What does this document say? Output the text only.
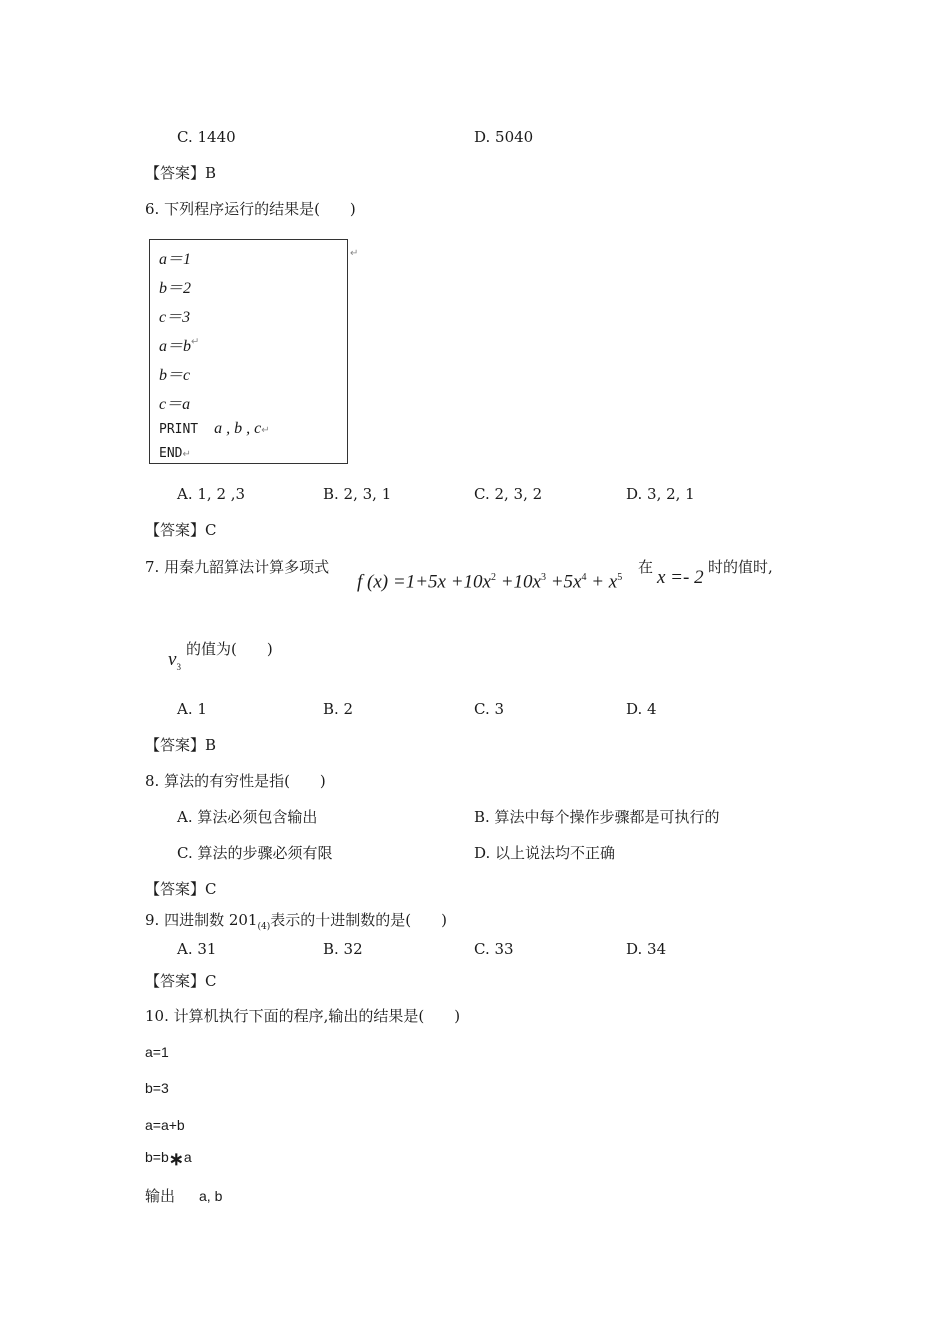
C. 1440	D. 5040
【答案】B
6. 下列程序运行的结果是(　　)
a＝1
b＝2
c＝3
a＝b↵
b＝c
c＝a
PRINT a , b , c↵
END↵
↵
A. 1, 2 ,3	B. 2, 3, 1	C. 2, 3, 2	D. 3, 2, 1
【答案】C
7. 用秦九韶算法计算多项式
f $(x) =1+5x +10x^2 +10x^3 +5x^4 + x^5$
在 x =- 2 时的值时,
$v_3$
的值为(　　)
A. 1	B. 2	C. 3	D. 4
【答案】B
8. 算法的有穷性是指(　　)
A. 算法必须包含输出	B. 算法中每个操作步骤都是可执行的
C. 算法的步骤必须有限	D. 以上说法均不正确
【答案】C
9. 四进制数 $201_{(4)}$表示的十进制数的是(　　)
A. 31	B. 32	C. 33	D. 34
【答案】C
10. 计算机执行下面的程序,输出的结果是(　　)
a=1
b=3
a=a+b
b=b∗a
输出 a, b
